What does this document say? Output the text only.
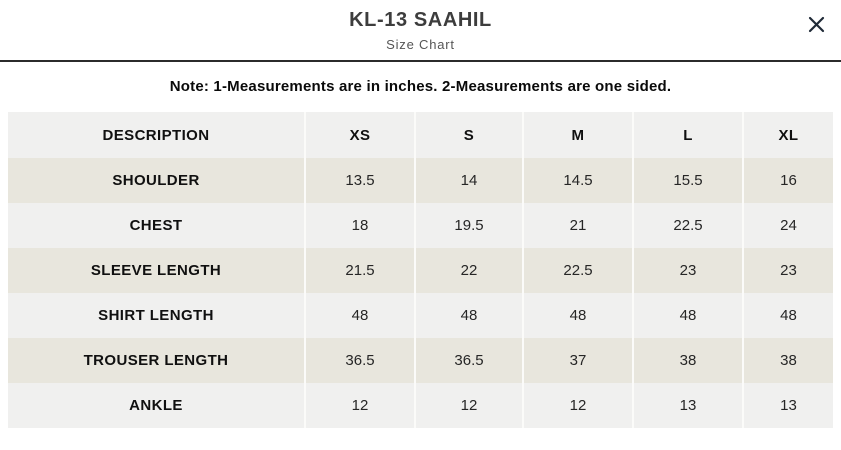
KL-13 SAAHIL
Size Chart
Note: 1-Measurements are in inches. 2-Measurements are one sided.
DESCRIPTION	XS	S	M	L	XL
SHOULDER	13.5	14	14.5	15.5	16
CHEST	18	19.5	21	22.5	24
SLEEVE LENGTH	21.5	22	22.5	23	23
SHIRT LENGTH	48	48	48	48	48
TROUSER LENGTH	36.5	36.5	37	38	38
ANKLE	12	12	12	13	13
